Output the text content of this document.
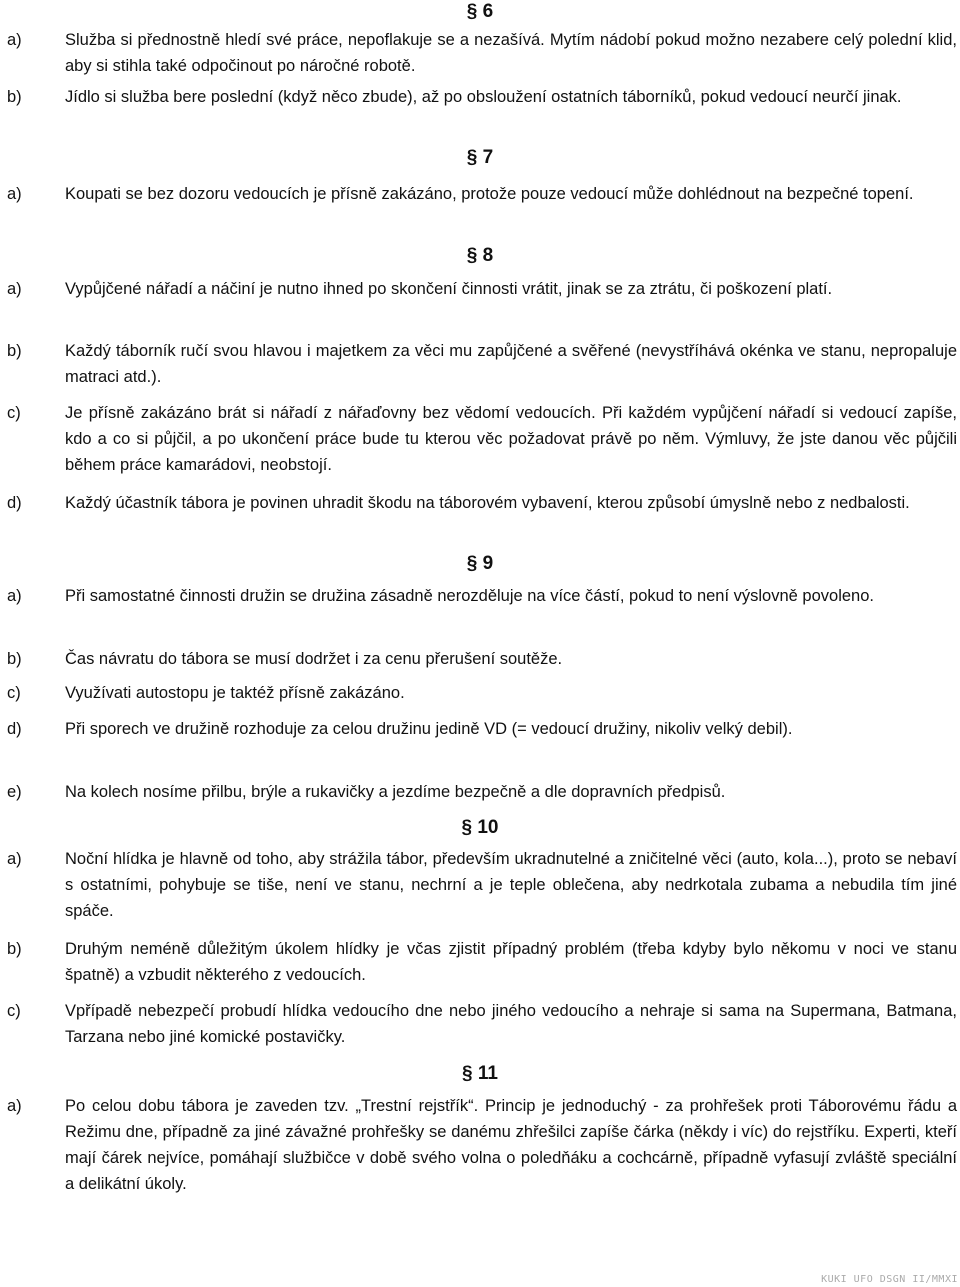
§ 6
a)	Služba si přednostně hledí své práce, nepoflakuje se a nezašívá. Mytím nádobí pokud možno nezabere celý polední klid, aby si stihla také odpočinout po náročné robotě.
b)	Jídlo si služba bere poslední (když něco zbude), až po obsloužení ostatních táborníků, pokud vedoucí neurčí jinak.
§ 7
a)	Koupati se bez dozoru vedoucích je přísně zakázáno, protože pouze vedoucí může dohlédnout na bezpečné topení.
§ 8
a)	Vypůjčené nářadí a náčiní je nutno ihned po skončení činnosti vrátit, jinak se za ztrátu, či poškození platí.
b)	Každý táborník ručí svou hlavou i majetkem za věci mu zapůjčené a svěřené (nevystříhává okénka ve stanu, nepropaluje matraci atd.).
c)	Je přísně zakázáno brát si nářadí z nářaďovny bez vědomí vedoucích. Při každém vypůjčení nářadí si vedoucí zapíše, kdo a co si půjčil, a po ukončení práce bude tu kterou věc požadovat právě po něm. Výmluvy, že jste danou věc půjčili během práce kamarádovi, neobstojí.
d)	Každý účastník tábora je povinen uhradit škodu na táborovém vybavení, kterou způsobí úmyslně nebo z nedbalosti.
§ 9
a)	Při samostatné činnosti družin se družina zásadně nerozděluje na více částí, pokud to není výslovně povoleno.
b)	Čas návratu do tábora se musí dodržet i za cenu přerušení soutěže.
c)	Využívati autostopu je taktéž přísně zakázáno.
d)	Při sporech ve družině rozhoduje za celou družinu jedině VD (= vedoucí družiny, nikoliv velký debil).
e)	Na kolech nosíme přilbu, brýle a rukavičky a jezdíme bezpečně a dle dopravních předpisů.
§ 10
a)	Noční hlídka je hlavně od toho, aby strážila tábor, především ukradnutelné a zničitelné věci (auto, kola...), proto se nebaví s ostatními, pohybuje se tiše, není ve stanu, nechrní a je teple oblečena, aby nedrkotala zubama a nebudila tím jiné spáče.
b)	Druhým neméně důležitým úkolem hlídky je včas zjistit případný problém (třeba kdyby bylo někomu v noci ve stanu špatně) a vzbudit některého z vedoucích.
c)	Vpřípadě nebezpečí probudí hlídka vedoucího dne nebo jiného vedoucího a nehraje si sama na Supermana, Batmana, Tarzana nebo jiné komické postavičky.
§ 11
a)	Po celou dobu tábora je zaveden tzv. „Trestní rejstřík“. Princip je jednoduchý - za prohřešek proti Táborovému řádu a Režimu dne, případně za jiné závažné prohřešky se danému zhřešilci zapíše čárka (někdy i víc) do rejstříku. Experti, kteří mají čárek nejvíce, pomáhají službičce v době svého volna o poledňáku a cochcárně, případně vyfasují zvláště speciální a delikátní úkoly.
KUKI UFO DSGN II/MMXI
